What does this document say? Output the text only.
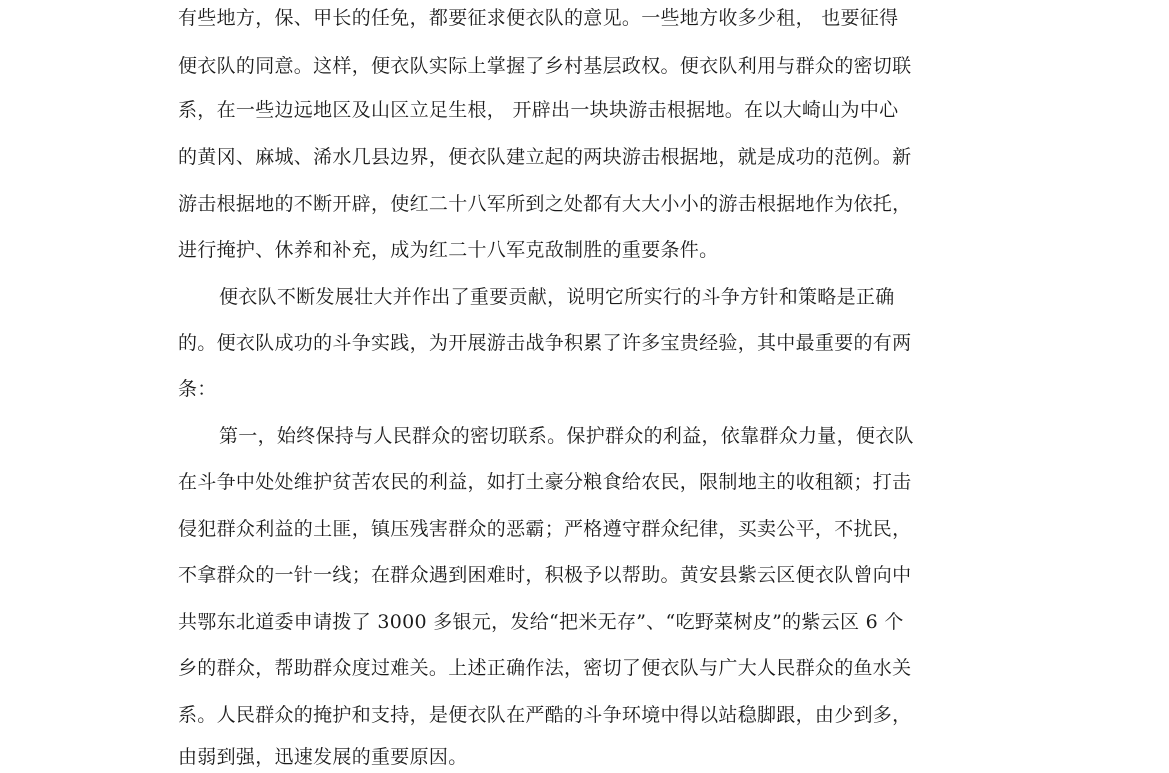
有些地方，保、甲长的任免，都要征求便衣队的意见。一些地方收多少租， 也要征得
便衣队的同意。这样，便衣队实际上掌握了乡村基层政权。便衣队利用与群众的密切联
系，在一些边远地区及山区立足生根， 开辟出一块块游击根据地。在以大崎山为中心
的黄冈、麻城、浠水几县边界，便衣队建立起的两块游击根据地，就是成功的范例。新
游击根据地的不断开辟，使红二十八军所到之处都有大大小小的游击根据地作为依托，
进行掩护、休养和补充，成为红二十八军克敌制胜的重要条件。
便衣队不断发展壮大并作出了重要贡献，说明它所实行的斗争方针和策略是正确
的。便衣队成功的斗争实践，为开展游击战争积累了许多宝贵经验，其中最重要的有两
条：
第一，始终保持与人民群众的密切联系。保护群众的利益，依靠群众力量，便衣队
在斗争中处处维护贫苦农民的利益，如打土豪分粮食给农民，限制地主的收租额；打击
侵犯群众利益的土匪，镇压残害群众的恶霸；严格遵守群众纪律，买卖公平，不扰民，
不拿群众的一针一线；在群众遇到困难时，积极予以帮助。黄安县紫云区便衣队曾向中
共鄂东北道委申请拨了 3000 多银元，发给“把米无存”、“吃野菜树皮”的紫云区 6 个
乡的群众，帮助群众度过难关。上述正确作法，密切了便衣队与广大人民群众的鱼水关
系。人民群众的掩护和支持，是便衣队在严酷的斗争环境中得以站稳脚跟，由少到多，
由弱到强，迅速发展的重要原因。
